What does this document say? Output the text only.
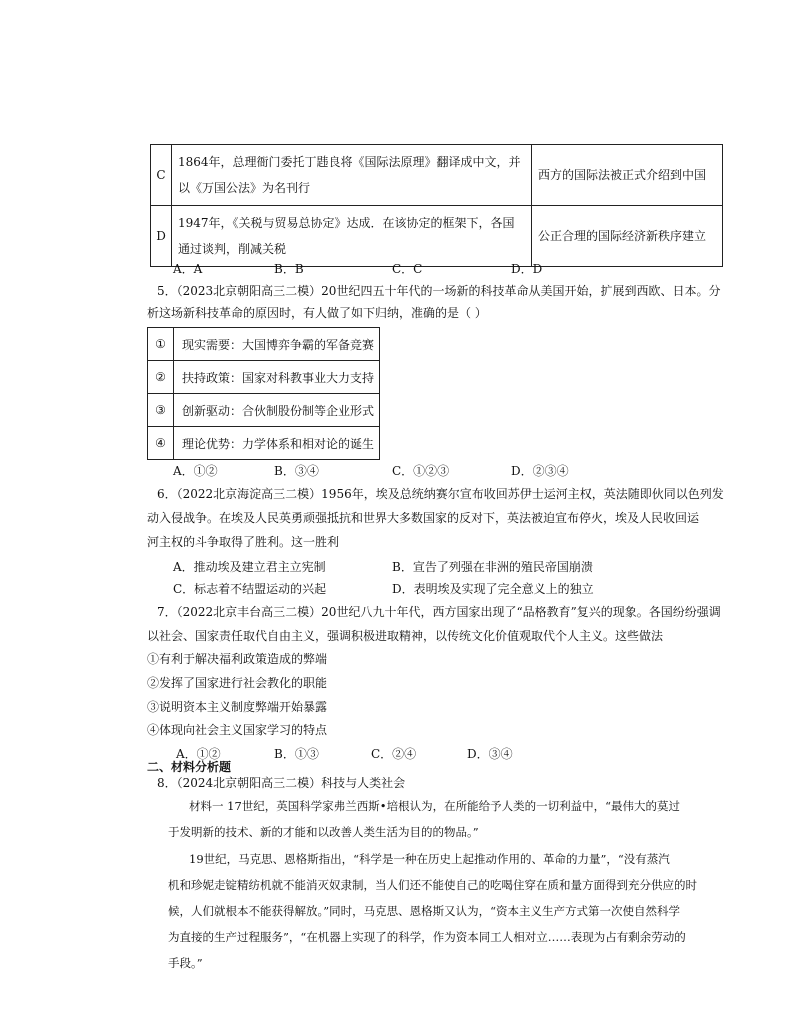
C	1864年，总理衙门委托丁韪良将《国际法原理》翻译成中文，并以《万国公法》为名刊行	西方的国际法被正式介绍到中国
D	1947年，《关税与贸易总协定》达成．在该协定的框架下，各国通过谈判，削减关税	公正合理的国际经济新秩序建立
A．A	B．B	C．C	D．D
5．（2023北京朝阳高三二模）20世纪四五十年代的一场新的科技革命从美国开始，扩展到西欧、日本。分
析这场新科技革命的原因时，有人做了如下归纳，准确的是（ ）
①	现实需要：大国博弈争霸的军备竞赛
②	扶持政策：国家对科教事业大力支持
③	创新驱动：合伙制股份制等企业形式
④	理论优势：力学体系和相对论的诞生
A．①②	B．③④	C．①②③	D．②③④
6．（2022北京海淀高三二模）1956年，埃及总统纳赛尔宣布收回苏伊士运河主权，英法随即伙同以色列发
动入侵战争。在埃及人民英勇顽强抵抗和世界大多数国家的反对下，英法被迫宣布停火，埃及人民收回运
河主权的斗争取得了胜利。这一胜利
A．推动埃及建立君主立宪制	B．宣告了列强在非洲的殖民帝国崩溃
C．标志着不结盟运动的兴起	D．表明埃及实现了完全意义上的独立
7．（2022北京丰台高三二模）20世纪八九十年代，西方国家出现了“品格教育”复兴的现象。各国纷纷强调
以社会、国家责任取代自由主义，强调积极进取精神，以传统文化价值观取代个人主义。这些做法
①有利于解决福利政策造成的弊端
②发挥了国家进行社会教化的职能
③说明资本主义制度弊端开始暴露
④体现向社会主义国家学习的特点
A．①②	B．①③	C．②④	D．③④
二、材料分析题
8．（2024北京朝阳高三二模）科技与人类社会
材料一 17世纪，英国科学家弗兰西斯•培根认为，在所能给予人类的一切利益中，“最伟大的莫过
于发明新的技术、新的才能和以改善人类生活为目的的物品。”
19世纪，马克思、恩格斯指出，“科学是一种在历史上起推动作用的、革命的力量”，“没有蒸汽
机和珍妮走锭精纺机就不能消灭奴隶制，当人们还不能使自己的吃喝住穿在质和量方面得到充分供应的时
候，人们就根本不能获得解放。”同时，马克思、恩格斯又认为，“资本主义生产方式第一次使自然科学
为直接的生产过程服务”，“在机器上实现了的科学，作为资本同工人相对立……表现为占有剩余劳动的
手段。”
